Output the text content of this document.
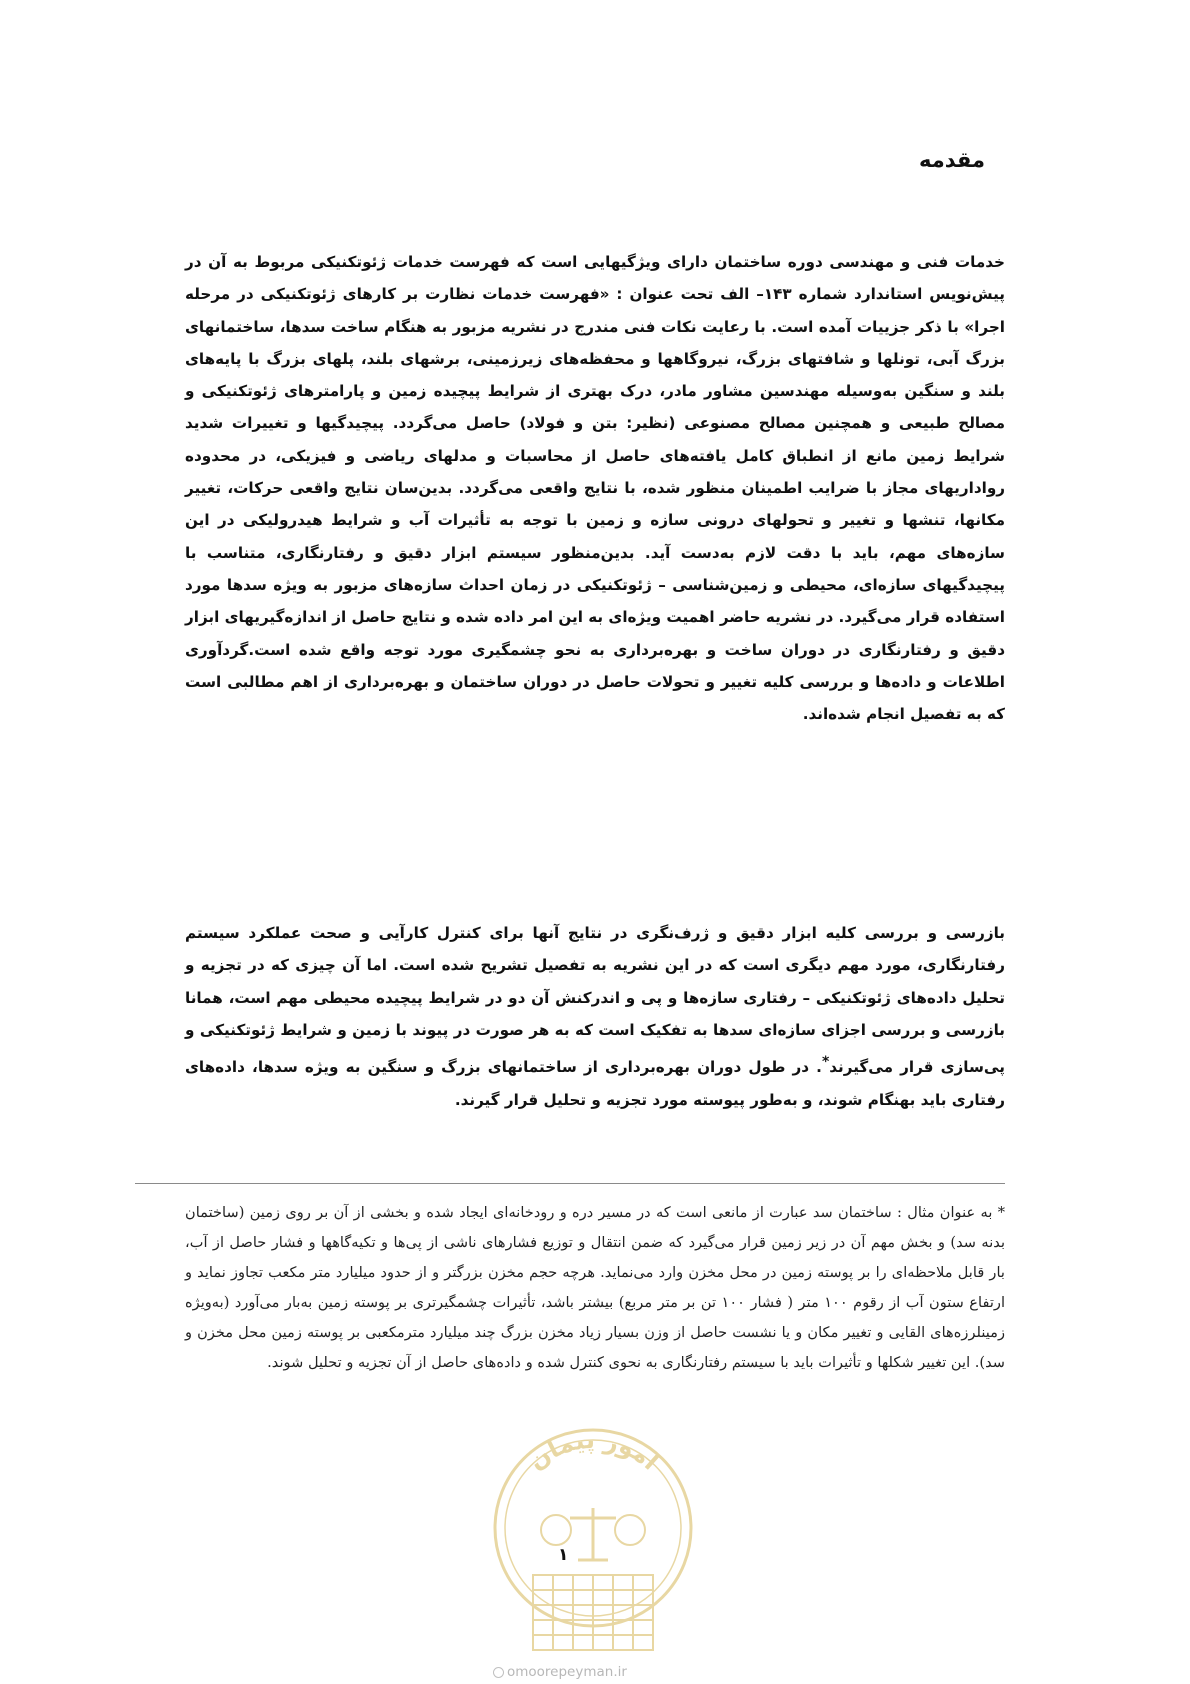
مقدمه

خدمات فنی و مهندسی دوره ساختمان دارای ویژگیهایی است که فهرست خدمات ژئوتکنیکی مربوط به آن در پیش‌نویس استاندارد شماره ۱۴۳– الف تحت عنوان : «فهرست خدمات نظارت بر کارهای ژئوتکنیکی در مرحله اجرا» با ذکر جزییات آمده است. با رعایت نکات فنی مندرج در نشریه مزبور به هنگام ساخت سدها، ساختمانهای بزرگ آبی، تونلها و شافتهای بزرگ، نیروگاهها و محفظه‌های زیرزمینی، برشهای بلند، پلهای بزرگ با پایه‌های بلند و سنگین به‌وسیله مهندسین مشاور مادر، درک بهتری از شرایط پیچیده زمین و پارامترهای ژئوتکنیکی و مصالح طبیعی و همچنین مصالح مصنوعی (نظیر: بتن و فولاد) حاصل می‌گردد. پیچیدگیها و تغییرات شدید شرایط زمین مانع از انطباق کامل یافته‌های حاصل از محاسبات و مدلهای ریاضی و فیزیکی، در محدوده رواداریهای مجاز با ضرایب اطمینان منظور شده، با نتایج واقعی می‌گردد. بدین‌سان نتایج واقعی حرکات، تغییر مکانها، تنشها و تغییر و تحولهای درونی سازه و زمین با توجه به تأثیرات آب و شرایط هیدرولیکی در این سازه‌های مهم، باید با دقت لازم به‌دست آید. بدین‌منظور سیستم ابزار دقیق و رفتارنگاری، متناسب با پیچیدگیهای سازه‌ای، محیطی و زمین‌شناسی – ژئوتکنیکی در زمان احداث سازه‌های مزبور به ویژه سدها مورد استفاده قرار می‌گیرد. در نشریه حاضر اهمیت ویژه‌ای به این امر داده شده و نتایج حاصل از اندازه‌گیریهای ابزار دقیق و رفتارنگاری در دوران ساخت و بهره‌برداری به نحو چشمگیری مورد توجه واقع شده است.گردآوری اطلاعات و داده‌ها و بررسی کلیه تغییر و تحولات حاصل در دوران ساختمان و بهره‌برداری از اهم مطالبی است که به تفصیل انجام شده‌اند.

بازرسی و بررسی کلیه ابزار دقیق و ژرف‌نگری در نتایج آنها برای کنترل کارآیی و صحت عملکرد سیستم رفتارنگاری، مورد مهم دیگری است که در این نشریه به تفصیل تشریح شده است. اما آن چیزی که در تجزیه و تحلیل داده‌های ژئوتکنیکی – رفتاری سازه‌ها و پی و اندرکنش آن دو در شرایط پیچیده محیطی مهم است، همانا بازرسی و بررسی اجزای سازه‌ای سدها به تفکیک است که به هر صورت در پیوند با زمین و شرایط ژئوتکنیکی و پی‌سازی قرار می‌گیرند*. در طول دوران بهره‌برداری از ساختمانهای بزرگ و سنگین به ویژه سدها، داده‌های رفتاری باید بهنگام شوند، و به‌طور پیوسته مورد تجزیه و تحلیل قرار گیرند.

* به عنوان مثال : ساختمان سد عبارت از مانعی است که در مسیر دره و رودخانه‌ای ایجاد شده و بخشی از آن بر روی زمین (ساختمان بدنه سد) و بخش مهم آن در زیر زمین قرار می‌گیرد که ضمن انتقال و توزیع فشارهای ناشی از پی‌ها و تکیه‌گاهها و فشار حاصل از آب، بار قابل ملاحظه‌ای را بر پوسته زمین در محل مخزن وارد می‌نماید. هرچه حجم مخزن بزرگتر و از حدود میلیارد متر مکعب تجاوز نماید و ارتفاع ستون آب از رقوم ۱۰۰ متر ( فشار ۱۰۰ تن بر متر مربع) بیشتر باشد، تأثیرات چشمگیرتری بر پوسته زمین به‌بار می‌آورد (به‌ویژه زمینلرزه‌های القایی و تغییر مکان و یا نشست حاصل از وزن بسیار زیاد مخزن بزرگ چند میلیارد مترمکعبی بر پوسته زمین محل مخزن و سد). این تغییر شکلها و تأثیرات باید با سیستم رفتارنگاری به نحوی کنترل شده و داده‌های حاصل از آن تجزیه و تحلیل شوند.

امور پیمان

۱

omoorepeyman.ir
